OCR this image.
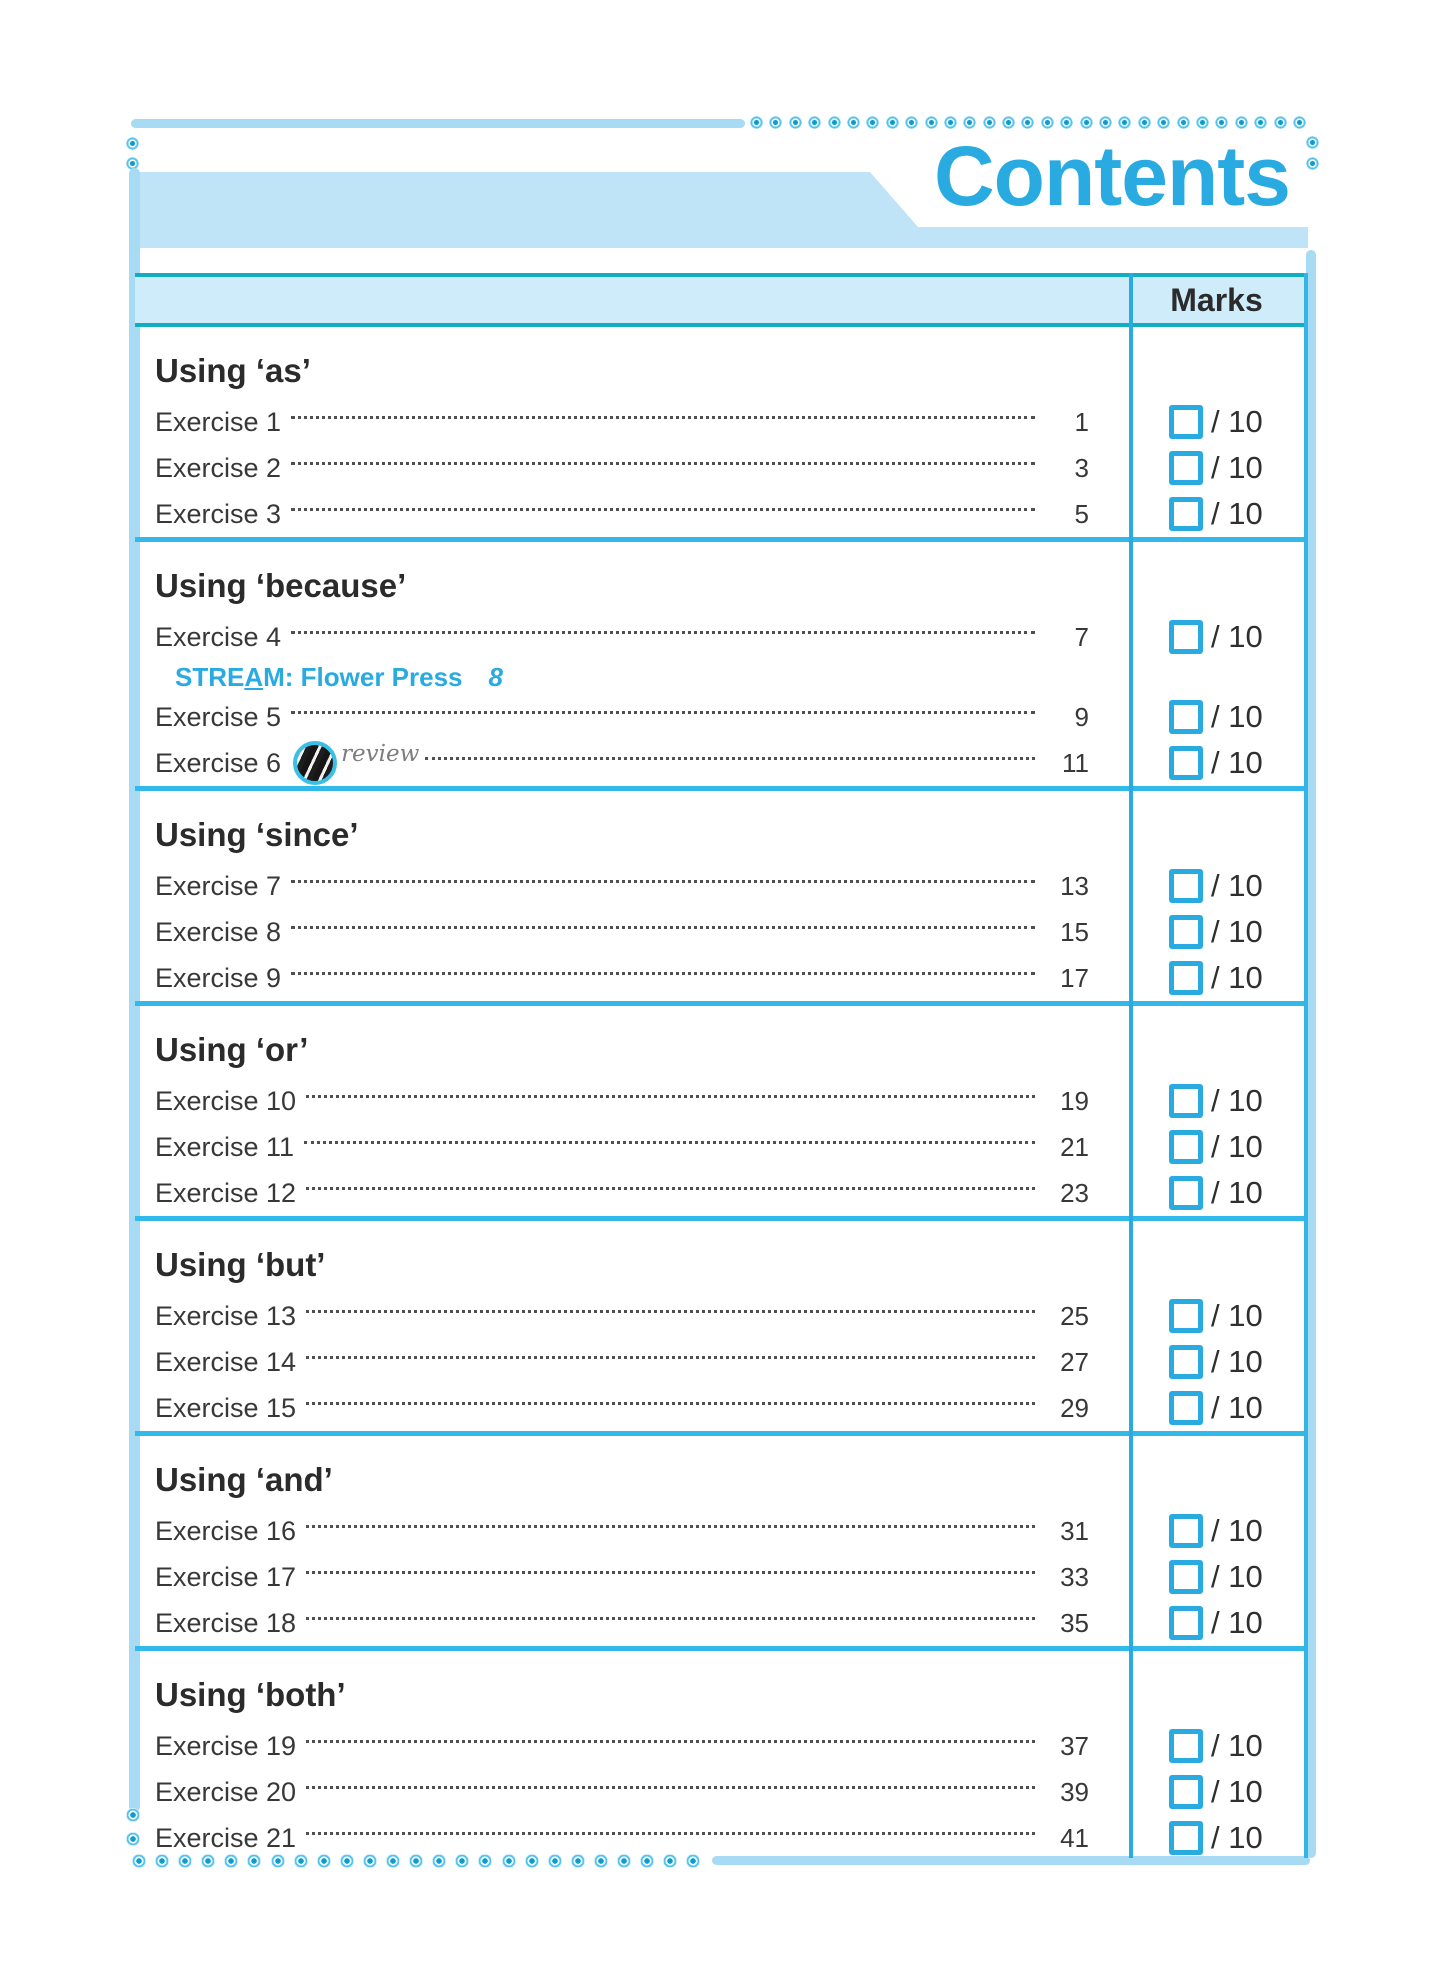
Contents
Marks
Using ‘as’
Exercise 1	1	/ 10
Exercise 2	3	/ 10
Exercise 3	5	/ 10
Using ‘because’
Exercise 4	7	/ 10
STREAM: Flower Press 8
Exercise 5	9	/ 10
Exercise 6	review	11	/ 10
Using ‘since’
Exercise 7	13	/ 10
Exercise 8	15	/ 10
Exercise 9	17	/ 10
Using ‘or’
Exercise 10	19	/ 10
Exercise 11	21	/ 10
Exercise 12	23	/ 10
Using ‘but’
Exercise 13	25	/ 10
Exercise 14	27	/ 10
Exercise 15	29	/ 10
Using ‘and’
Exercise 16	31	/ 10
Exercise 17	33	/ 10
Exercise 18	35	/ 10
Using ‘both’
Exercise 19	37	/ 10
Exercise 20	39	/ 10
Exercise 21	41	/ 10
